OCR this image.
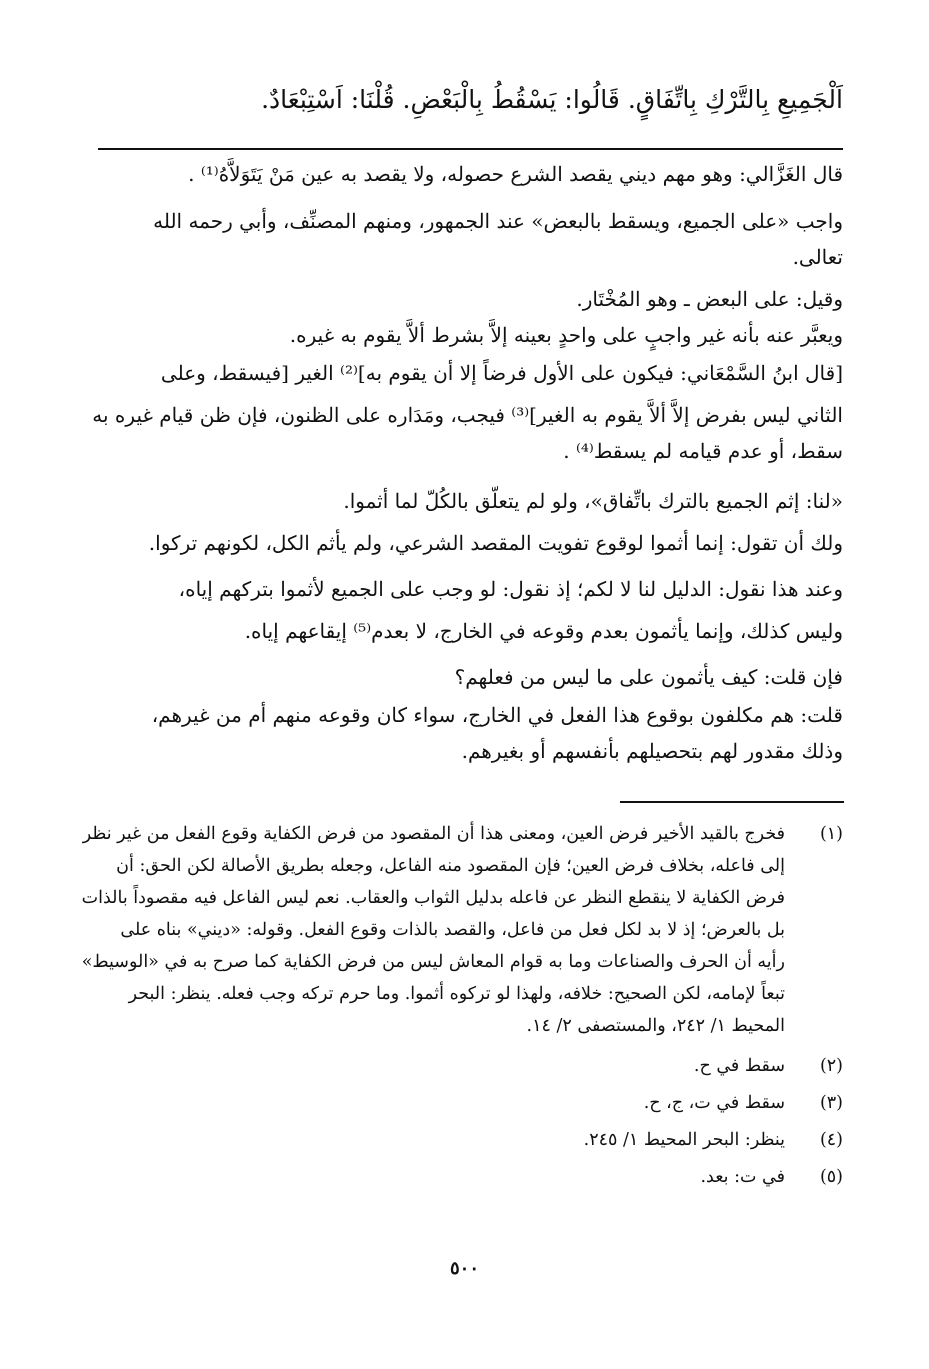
اَلْجَمِيعِ بِالتَّرْكِ بِاتِّفَاقٍ. قَالُوا: يَسْقُطُ بِالْبَعْضِ. قُلْنَا: اَسْتِبْعَادٌ.
قال الغَزَّالي: وهو مهم ديني يقصد الشرع حصوله، ولا يقصد به عين مَنْ يَتَوَلاَّهُ⁽¹⁾ .
واجب «على الجميع، ويسقط بالبعض» عند الجمهور، ومنهم المصنِّف، وأبي رحمه الله
تعالى.
وقيل: على البعض ـ وهو المُخْتَار.
ويعبَّر عنه بأنه غير واجبٍ على واحدٍ بعينه إلاَّ بشرط ألاَّ يقوم به غيره.
[قال ابنُ السَّمْعَاني: فيكون على الأول فرضاً إلا أن يقوم به]⁽²⁾ الغير [فيسقط، وعلى
الثاني ليس بفرض إلاَّ ألاَّ يقوم به الغير]⁽³⁾ فيجب، ومَدَاره على الظنون، فإن ظن قيام غيره به
سقط، أو عدم قيامه لم يسقط⁽⁴⁾ .
«لنا: إثم الجميع بالترك باتِّفاق»، ولو لم يتعلّق بالكُلّ لما أثموا.
ولك أن تقول: إنما أثموا لوقوع تفويت المقصد الشرعي، ولم يأثم الكل، لكونهم تركوا.
وعند هذا نقول: الدليل لنا لا لكم؛ إذ نقول: لو وجب على الجميع لأثموا بتركهم إياه،
وليس كذلك، وإنما يأثمون بعدم وقوعه في الخارج، لا بعدم⁽⁵⁾ إيقاعهم إياه.
فإن قلت: كيف يأثمون على ما ليس من فعلهم؟
قلت: هم مكلفون بوقوع هذا الفعل في الخارج، سواء كان وقوعه منهم أم من غيرهم،
وذلك مقدور لهم بتحصيلهم بأنفسهم أو بغيرهم.
(١)
فخرج بالقيد الأخير فرض العين، ومعنى هذا أن المقصود من فرض الكفاية وقوع الفعل من غير نظر
إلى فاعله، بخلاف فرض العين؛ فإن المقصود منه الفاعل، وجعله بطريق الأصالة لكن الحق: أن
فرض الكفاية لا ينقطع النظر عن فاعله بدليل الثواب والعقاب. نعم ليس الفاعل فيه مقصوداً بالذات
بل بالعرض؛ إذ لا بد لكل فعل من فاعل، والقصد بالذات وقوع الفعل. وقوله: «ديني» بناه على
رأيه أن الحرف والصناعات وما به قوام المعاش ليس من فرض الكفاية كما صرح به في «الوسيط»
تبعاً لإمامه، لكن الصحيح: خلافه، ولهذا لو تركوه أثموا. وما حرم تركه وجب فعله. ينظر: البحر
المحيط ١/ ٢٤٢، والمستصفى ٢/ ١٤.
(٢)
سقط في ح.
(٣)
سقط في ت، ج، ح.
(٤)
ينظر: البحر المحيط ١/ ٢٤٥.
(٥)
في ت: بعد.
٥٠٠
